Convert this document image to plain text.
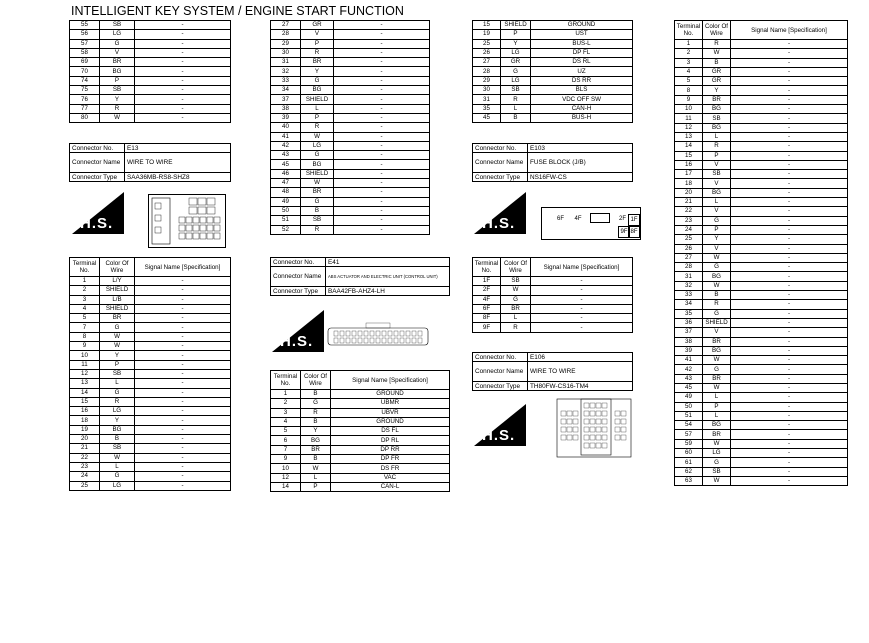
INTELLIGENT KEY SYSTEM / ENGINE START FUNCTION
55	SB	-
56	LG	-
57	G	-
58	V	-
69	BR	-
70	BG	-
74	P	-
75	SB	-
76	Y	-
77	R	-
80	W	-
27	GR	-
28	V	-
29	P	-
30	R	-
31	BR	-
32	Y	-
33	G	-
34	BG	-
37	SHIELD	-
38	L	-
39	P	-
40	R	-
41	W	-
42	LG	-
43	G	-
45	BG	-
46	SHIELD	-
47	W	-
48	BR	-
49	G	-
50	B	-
51	SB	-
52	R	-
15	SHIELD	GROUND
19	P	UST
25	Y	BUS-L
26	LG	DP FL
27	GR	DS RL
28	G	UZ
29	LG	DS RR
30	SB	BLS
31	R	VDC OFF SW
35	L	CAN-H
45	B	BUS-H
Terminal No.	Color Of Wire	Signal Name [Specification]
1	R	-
2	W	-
3	B	-
4	GR	-
5	GR	-
8	Y	-
9	BR	-
10	BG	-
11	SB	-
12	BG	-
13	L	-
14	R	-
15	P	-
16	V	-
17	SB	-
18	V	-
20	BG	-
21	L	-
22	V	-
23	G	-
24	P	-
25	Y	-
26	V	-
27	W	-
28	G	-
31	BG	-
32	W	-
33	B	-
34	R	-
35	G	-
36	SHIELD	-
37	V	-
38	BR	-
39	BG	-
41	W	-
42	G	-
43	BR	-
45	W	-
49	L	-
50	P	-
51	L	-
54	BG	-
57	BR	-
59	W	-
60	LG	-
61	G	-
62	SB	-
63	W	-
Connector No.	E13
Connector Name	WIRE TO WIRE
Connector Type	SAA36MB-RS8-SHZ8
Connector No.	E41
Connector Name	ABS ACTUATOR AND ELECTRIC UNIT (CONTROL UNIT)
Connector Type	BAA42FB-AHZ4-LH
Connector No.	E103
Connector Name	FUSE BLOCK (J/B)
Connector Type	NS16FW-CS
Connector No.	E106
Connector Name	WIRE TO WIRE
Connector Type	TH80FW-CS16-TM4
Terminal No.	Color Of Wire	Signal Name [Specification]
1	L/Y	-
2	SHIELD	-
3	L/B	-
4	SHIELD	-
5	BR	-
7	G	-
8	W	-
9	W	-
10	Y	-
11	P	-
12	SB	-
13	L	-
14	G	-
15	R	-
16	LG	-
18	Y	-
19	BG	-
20	B	-
21	SB	-
22	W	-
23	L	-
24	G	-
25	LG	-
Terminal No.	Color Of Wire	Signal Name [Specification]
1	B	GROUND
2	G	UBMR
3	R	UBVR
4	B	GROUND
5	Y	DS FL
6	BG	DP RL
7	BR	DP RR
9	B	DP FR
10	W	DS FR
12	L	VAC
14	P	CAN-L
Terminal No.	Color Of Wire	Signal Name [Specification]
1F	SB	-
2F	W	-
4F	G	-
6F	BR	-
8F	L	-
9F	R	-
H.S.
H.S.
H.S.
H.S.
6F	4F	2F 1F
9F 8F
